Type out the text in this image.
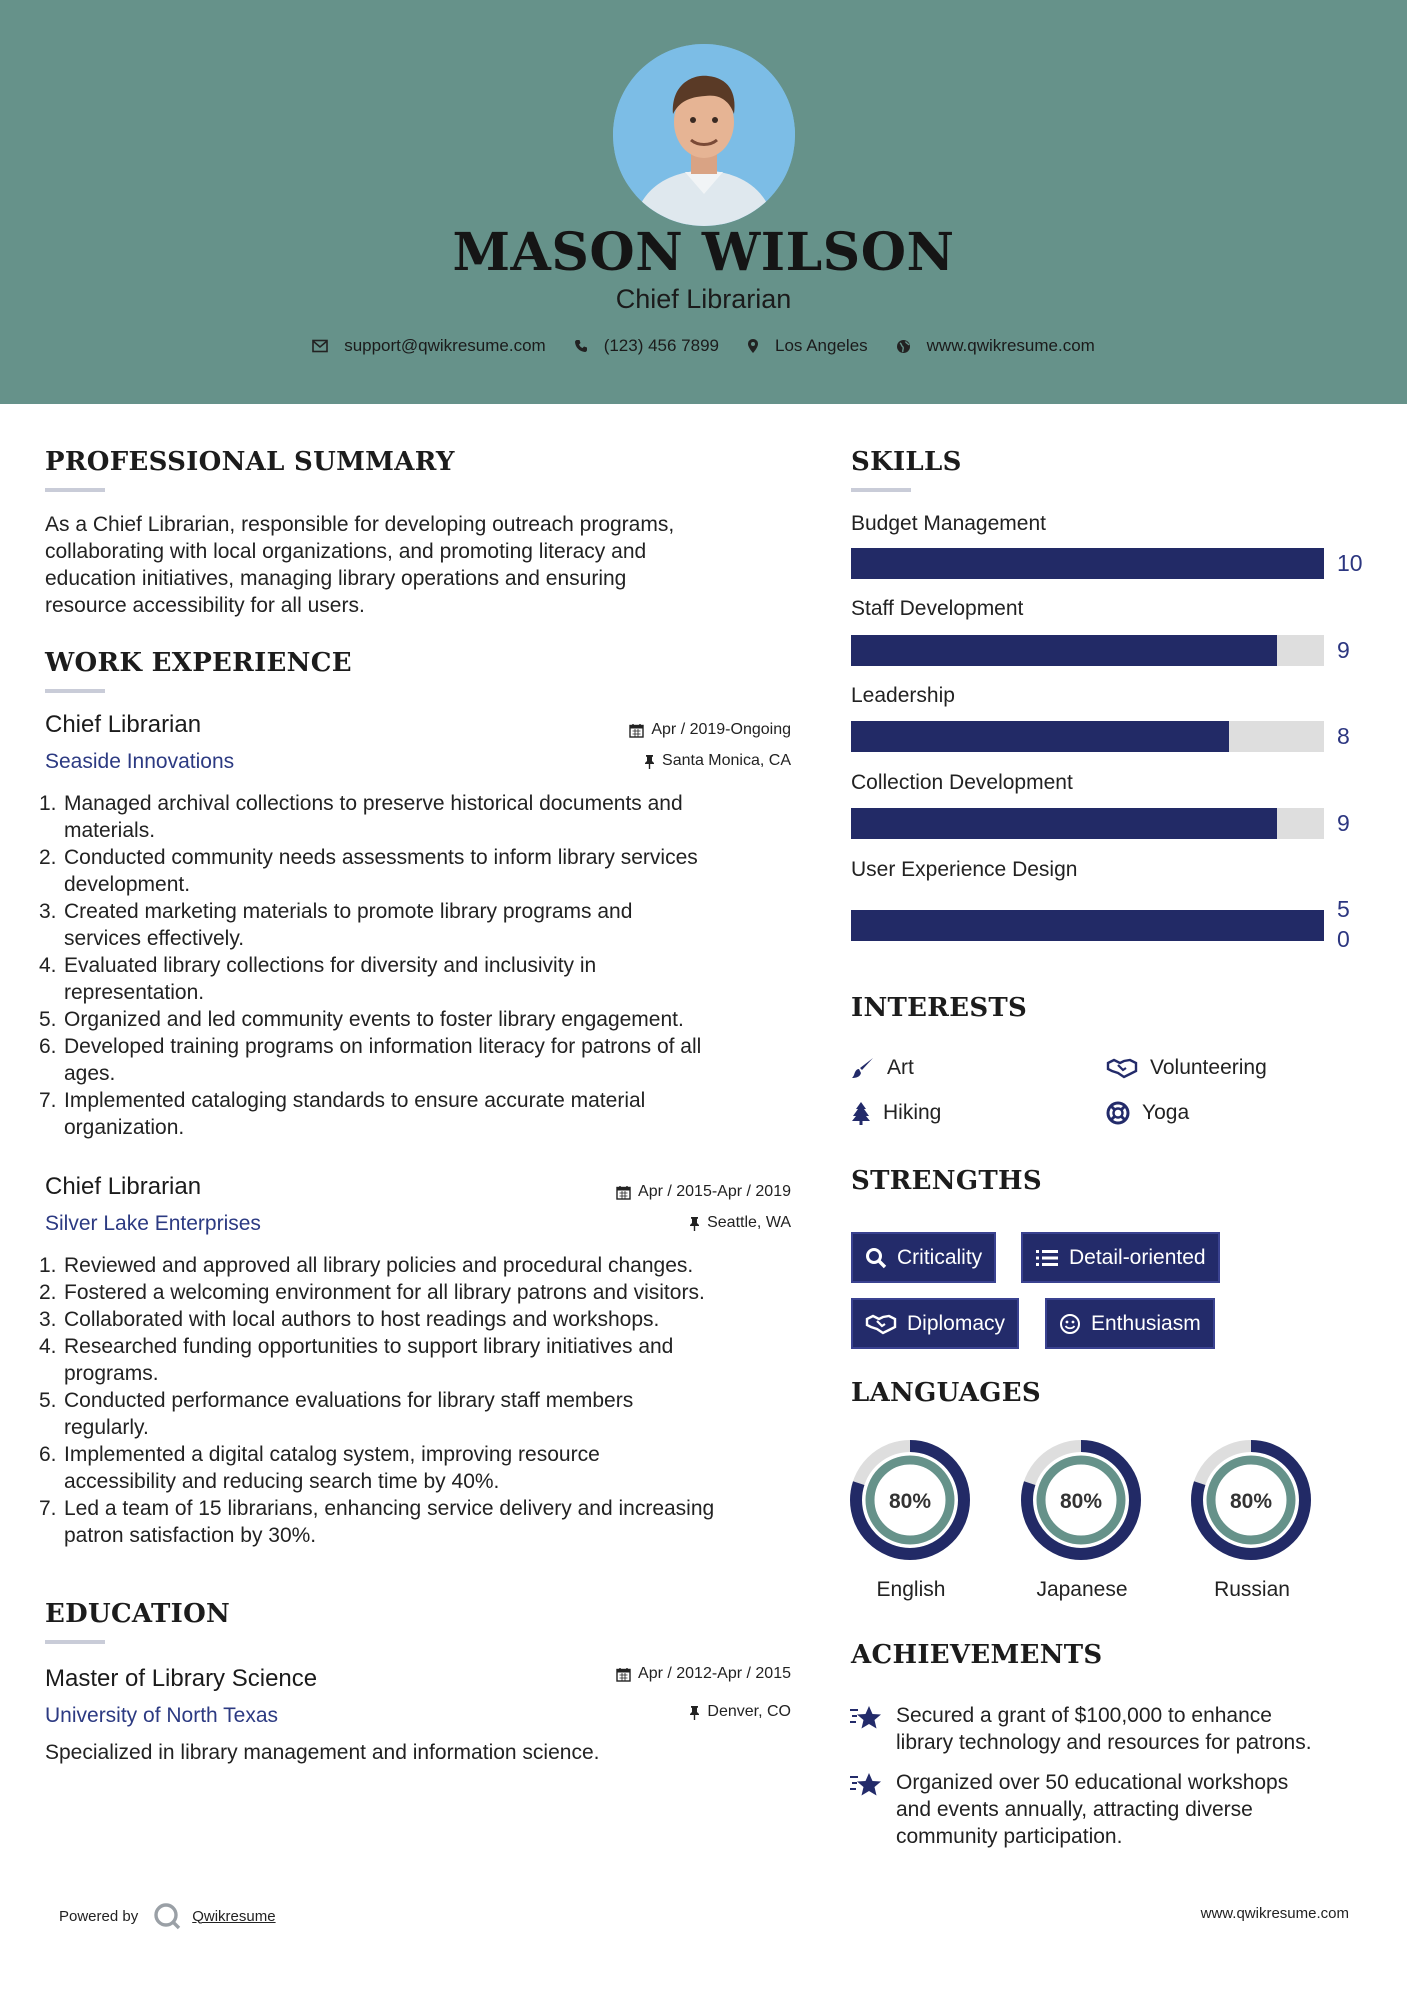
MASON WILSON
Chief Librarian
support@qwikresume.com	(123) 456 7899	Los Angeles	www.qwikresume.com
PROFESSIONAL SUMMARY
As a Chief Librarian, responsible for developing outreach programs,
collaborating with local organizations, and promoting literacy and
education initiatives, managing library operations and ensuring
resource accessibility for all users.
WORK EXPERIENCE
Chief Librarian
Seaside Innovations
Apr / 2019-Ongoing
Santa Monica, CA
1. Managed archival collections to preserve historical documents and
materials.
2. Conducted community needs assessments to inform library services
development.
3. Created marketing materials to promote library programs and
services effectively.
4. Evaluated library collections for diversity and inclusivity in
representation.
5. Organized and led community events to foster library engagement.
6. Developed training programs on information literacy for patrons of all
ages.
7. Implemented cataloging standards to ensure accurate material
organization.
Chief Librarian
Silver Lake Enterprises
Apr / 2015-Apr / 2019
Seattle, WA
1. Reviewed and approved all library policies and procedural changes.
2. Fostered a welcoming environment for all library patrons and visitors.
3. Collaborated with local authors to host readings and workshops.
4. Researched funding opportunities to support library initiatives and
programs.
5. Conducted performance evaluations for library staff members
regularly.
6. Implemented a digital catalog system, improving resource
accessibility and reducing search time by 40%.
7. Led a team of 15 librarians, enhancing service delivery and increasing
patron satisfaction by 30%.
EDUCATION
Master of Library Science
University of North Texas
Apr / 2012-Apr / 2015
Denver, CO
Specialized in library management and information science.
SKILLS
Budget Management
10
Staff Development
9
Leadership
8
Collection Development
9
User Experience Design
5
0
INTERESTS
Art	Volunteering
Hiking	Yoga
STRENGTHS
Criticality	Detail-oriented
Diplomacy	Enthusiasm
LANGUAGES
80%	80%	80%
English	Japanese	Russian
ACHIEVEMENTS
Secured a grant of $100,000 to enhance
library technology and resources for patrons.
Organized over 50 educational workshops
and events annually, attracting diverse
community participation.
Powered by	Qwikresume	www.qwikresume.com
